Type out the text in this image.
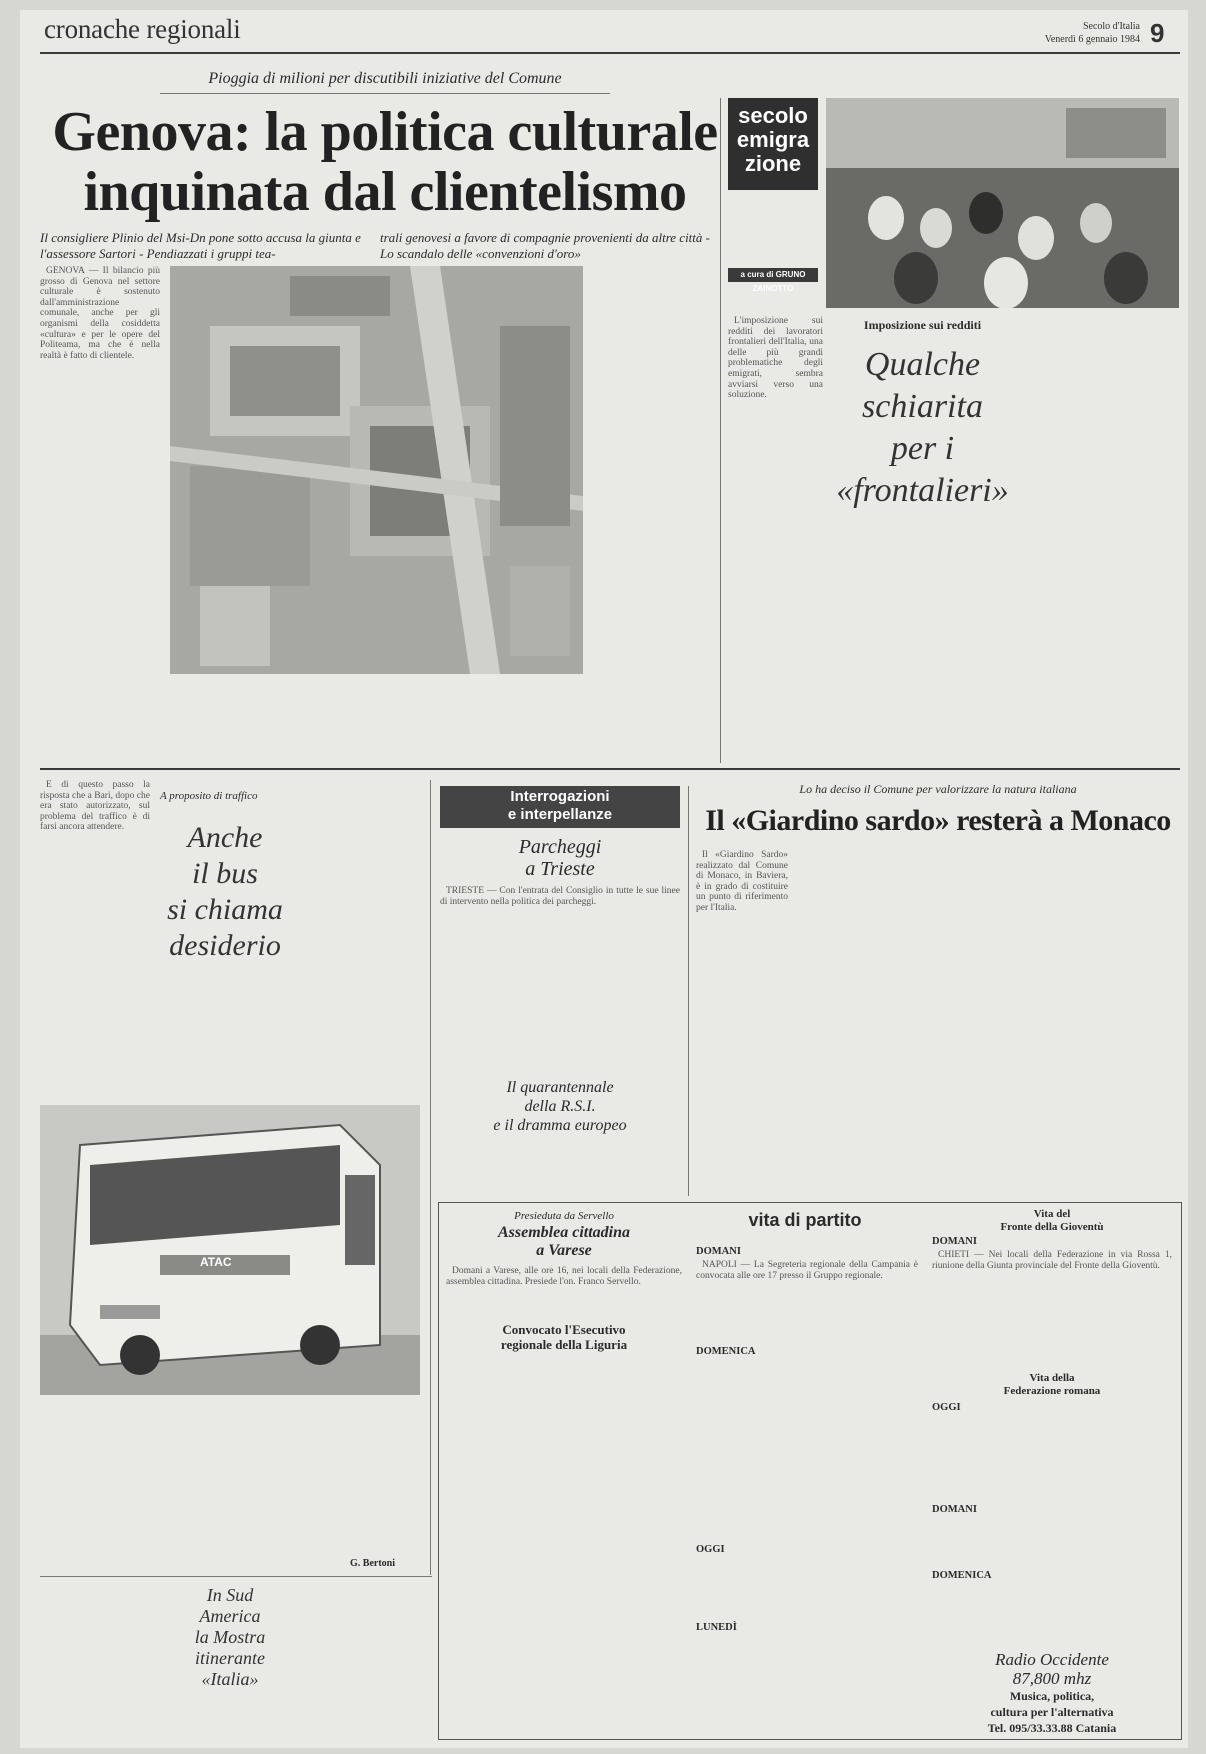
cronache regionali	Secolo d'Italia
Venerdì 6 gennaio 1984 9
Pioggia di milioni per discutibili iniziative del Comune
Genova: la politica culturale
inquinata dal clientelismo
Il consigliere Plinio del Msi-Dn pone sotto accusa la giunta e l'assessore Sartori - Pendiazzati i gruppi tea-
trali genovesi a favore di compagnie provenienti da altre città - Lo scandalo delle «convenzioni d'oro»

GENOVA — Il bilancio più grosso di Genova nel settore culturale è sostenuto dall'amministrazione comunale, anche per gli organismi della cosiddetta «cultura» e per le opere del Politeama, ma che è nella realtà è fatto di clientele.

secolo
emigra
zione
a cura di GRUNO ZAINOTTO

L'imposizione sui redditi dei lavoratori frontalieri dell'Italia, una delle più grandi problematiche degli emigrati, sembra avviarsi verso una soluzione.

Imposizione sui redditi
Qualche schiarita
per i
«frontalieri»

E di questo passo la risposta che a Bari, dopo che era stato autorizzato, sul problema del traffico è di farsi ancora attendere.

A proposito di traffico
Anche
il bus
si chiama
desiderio
ATAC
G. Bertoni
In Sud
America
la Mostra
itinerante
«Italia»
Interrogazioni
e interpellanze
Parcheggi
a Trieste

TRIESTE — Con l'entrata del Consiglio in tutte le sue linee di intervento nella politica dei parcheggi.

Il quarantennale
della R.S.I.
e il dramma europeo
Lo ha deciso il Comune per valorizzare la natura italiana
Il «Giardino sardo» resterà a Monaco

Il «Giardino Sardo» realizzato dal Comune di Monaco, in Baviera, è in grado di costituire un punto di riferimento per l'Italia.

Presieduta da Servello
Assemblea cittadina
a Varese

Domani a Varese, alle ore 16, nei locali della Federazione, assemblea cittadina. Presiede l'on. Franco Servello.

Convocato l'Esecutivo
regionale della Liguria
vita di partito
DOMANI

NAPOLI — La Segreteria regionale della Campania è convocata alle ore 17 presso il Gruppo regionale.

DOMENICA
OGGI
LUNEDÌ
Vita del
Fronte della Gioventù
DOMANI

CHIETI — Nei locali della Federazione in via Rossa 1, riunione della Giunta provinciale del Fronte della Gioventù.

Vita della
Federazione romana
OGGI
DOMANI
DOMENICA
Radio Occidente
87,800 mhz
Musica, politica,
cultura per l'alternativa
Tel. 095/33.33.88 Catania
